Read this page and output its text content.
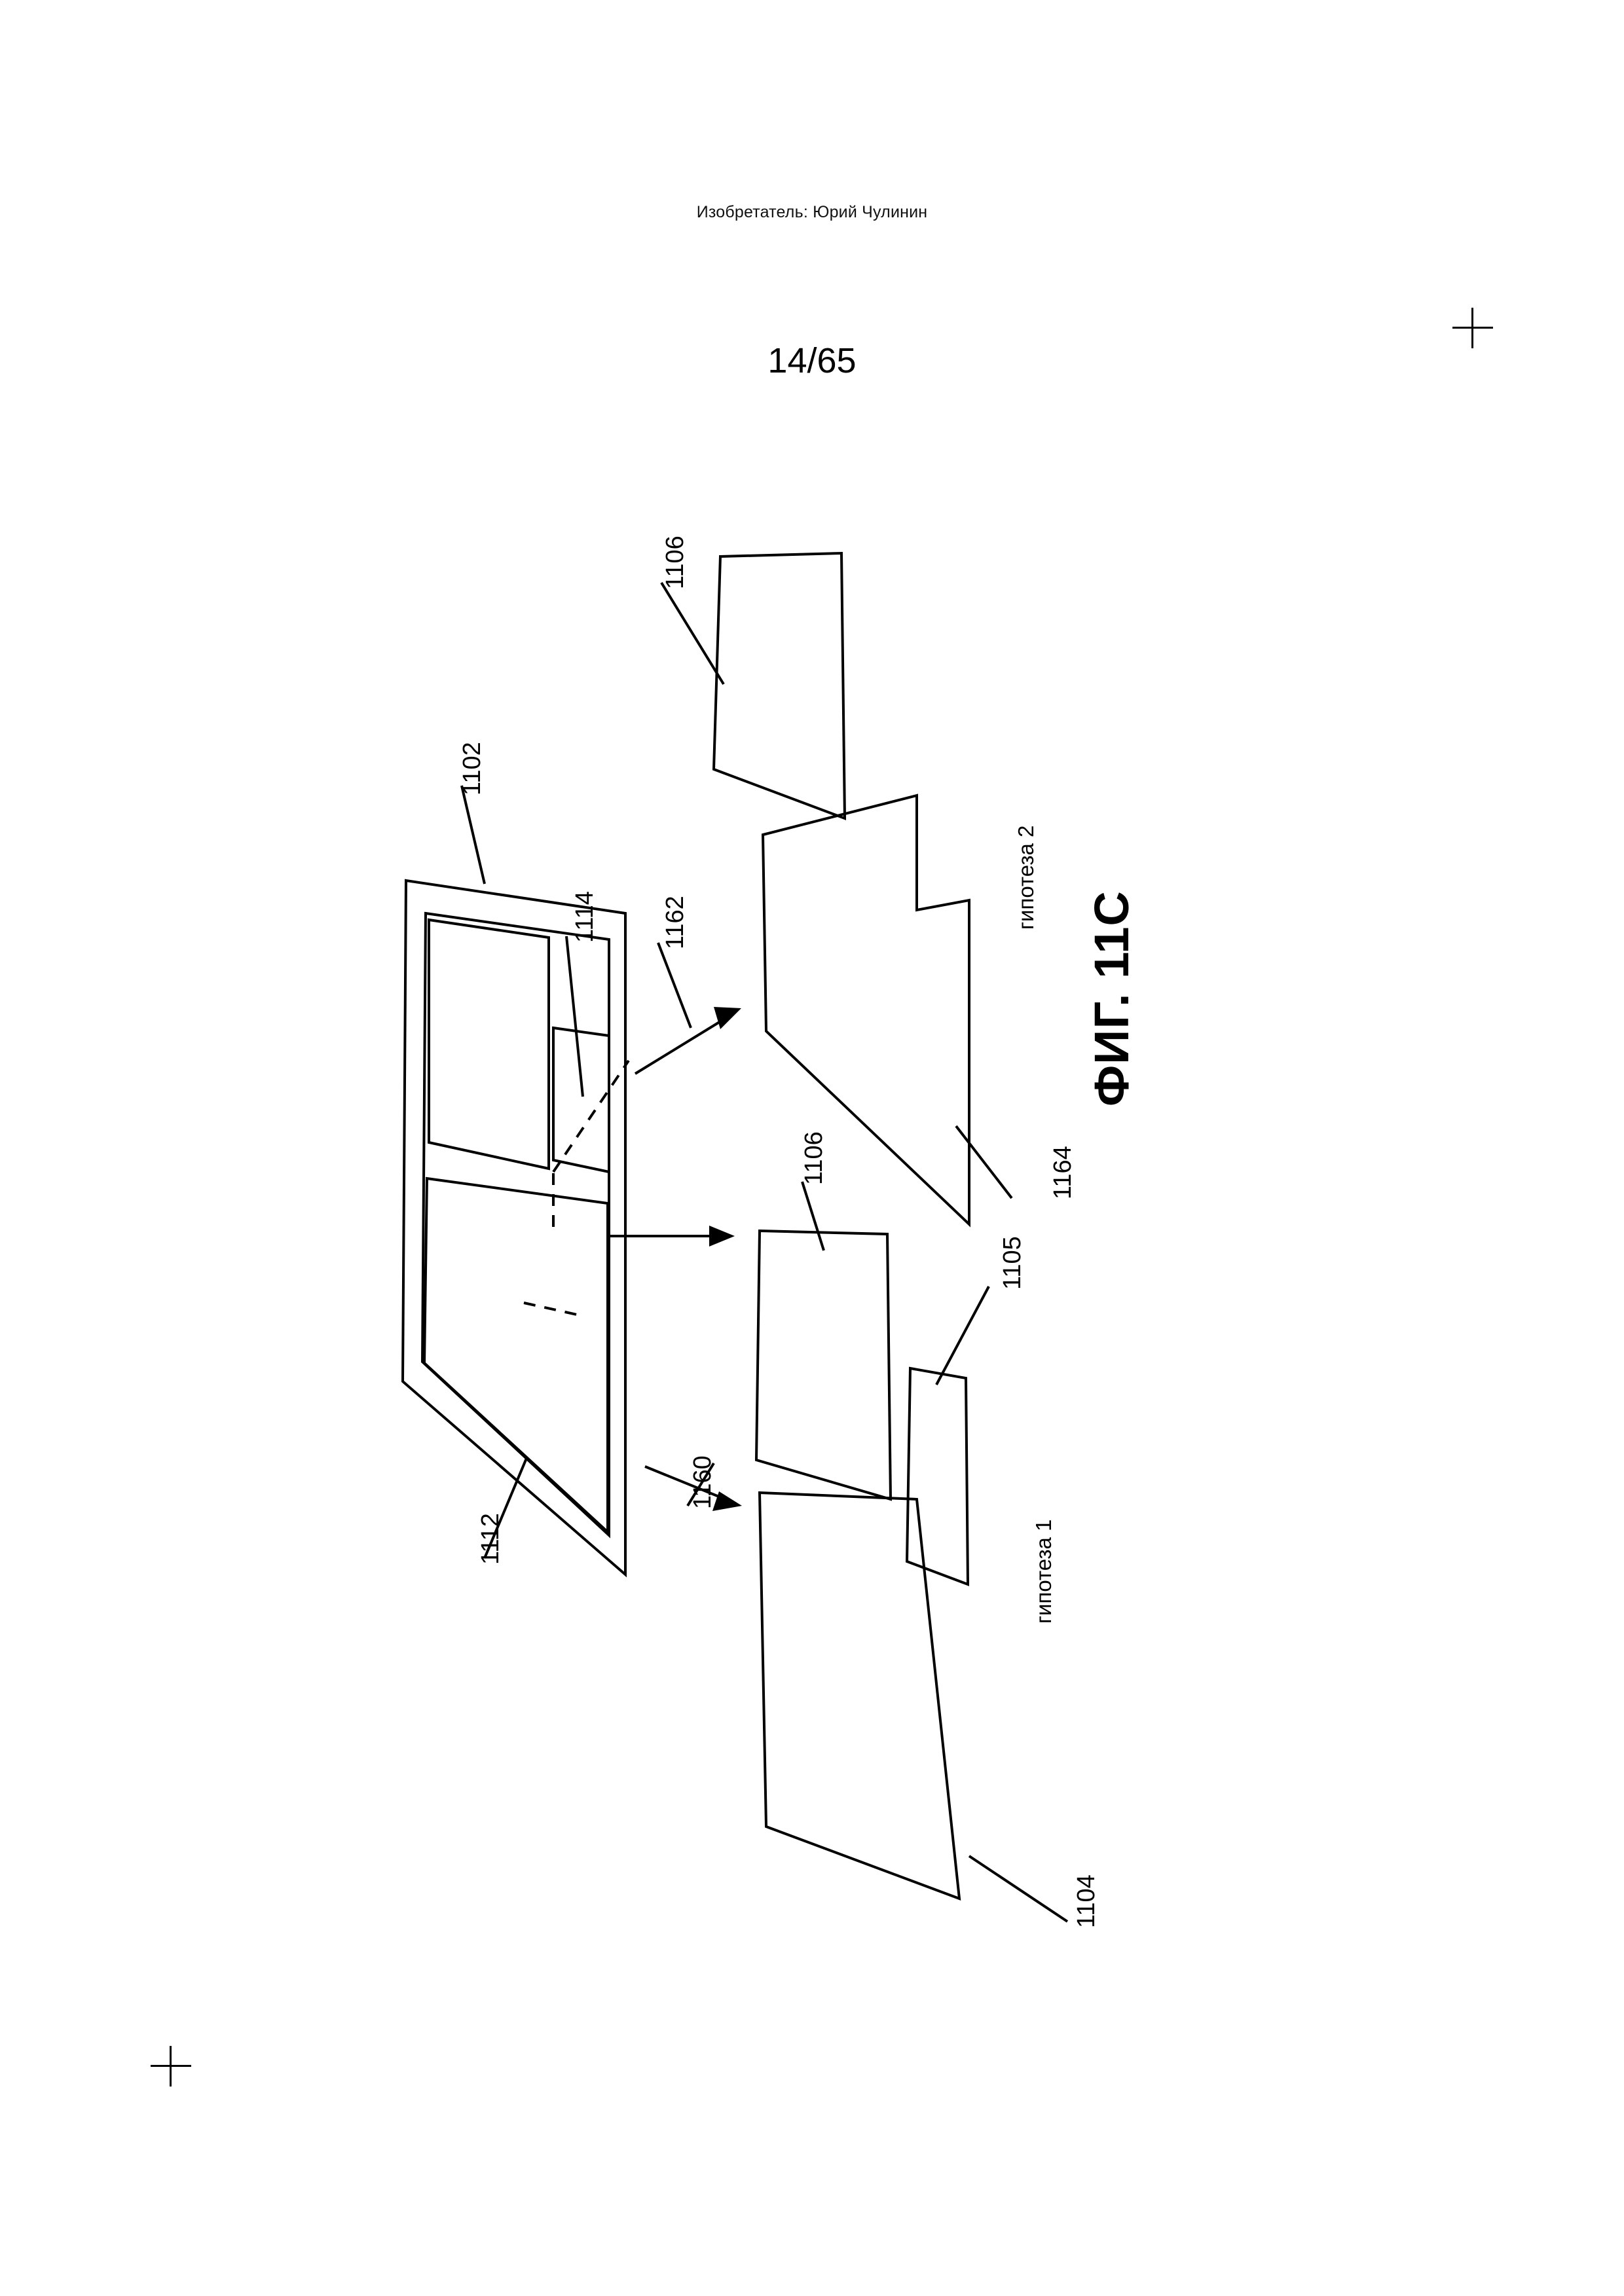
Изобретатель: Юрий Чулинин
14/65
ФИГ. 11C
1106
1102
1114	1162
1106	1164
1105
1112
1160
1104
гипотеза 2
гипотеза 1
